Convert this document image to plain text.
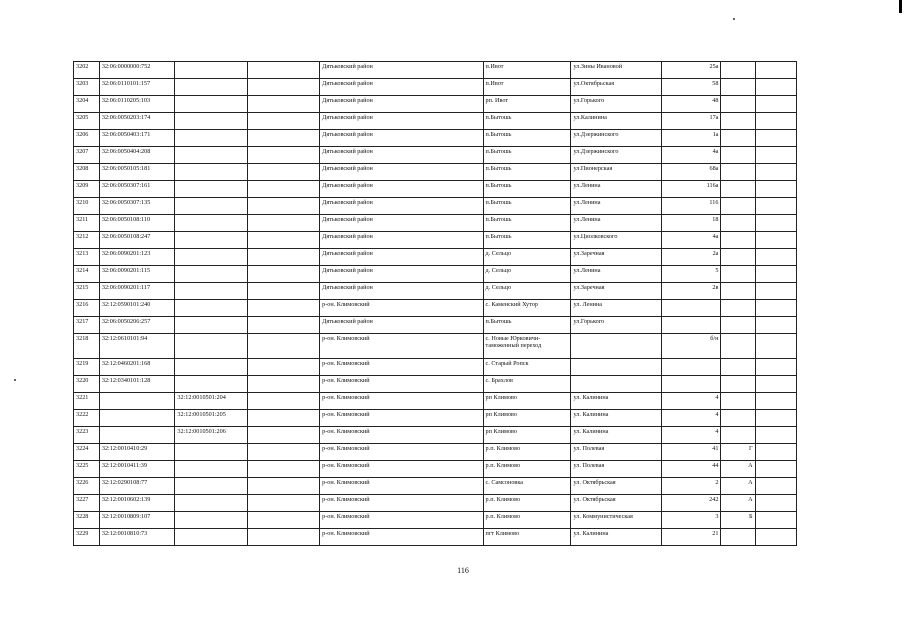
3202	32:06:0000000:752			Дятьковский район	п.Ивот	ул.Зины Ивановой	25а		
3203	32:06:0110101:157			Дятьковский район	п.Ивот	ул.Октябрьская	58		
3204	32:06:0110205:103			Дятьковский район	рп. Ивот	ул.Горького	48		
3205	32:06:0050203:174			Дятьковский район	п.Бытошь	ул.Калинина	17а		
3206	32:06:0050403:171			Дятьковский район	п.Бытошь	ул.Дзержинского	1а		
3207	32:06:0050404:208			Дятьковский район	п.Бытошь	ул.Дзержинского	4а		
3208	32:06:0050105:181			Дятьковский район	п.Бытошь	ул.Пионерская	68а		
3209	32:06:0050307:161			Дятьковский район	п.Бытошь	ул.Ленина	116а		
3210	32:06:0050307:135			Дятьковский район	п.Бытошь	ул.Ленина	116		
3211	32:06:0050108:110			Дятьковский район	п.Бытошь	ул.Ленина	18		
3212	32:06:0050108:247			Дятьковский район	п.Бытошь	ул.Циолковского	4а		
3213	32:06:0090201:123			Дятьковский район	д. Сельцо	ул.Заречная	2а		
3214	32:06:0090201:115			Дятьковский район	д. Сельцо	ул.Ленина	5		
3215	32:06:0090201:117			Дятьковский район	д. Сельцо	ул.Заречная	2в		
3216	32:12:0590101:240			р-он. Климовский	с. Каменский Хутор	ул. Ленина			
3217	32:06:0050206:257			Дятьковский район	п.Бытошь	ул.Горького			
3218	32:12:0610101:94			р-он. Климовский	с. Новые Юрковичи-таможенный переход		б/н		
3219	32:12:0460201:168			р-он. Климовский	с. Старый Ропск				
3220	32:12:0340101:128			р-он. Климовский	с. Брахлов				
3221		32:12:0010501:204		р-он. Климовский	рп Климово	ул. Калинина	4		
3222		32:12:0010501:205		р-он. Климовский	рп Климово	ул. Калинина	4		
3223		32:12:0010501:206		р-он. Климовский	рп Климово	ул. Калинина	4		
3224	32:12:0010410:29			р-он. Климовский	р.п. Климово	ул. Полевая	41	Г	
3225	32:12:0010411:39			р-он. Климовский	р.п. Климово	ул. Полевая	44	А	
3226	32:12:0290108:77			р-он. Климовский	с. Самсоновка	ул. Октябрьская	2	А	
3227	32:12:0010602:139			р-он. Климовский	р.п. Климово	ул. Октябрьская	242	А	
3228	32:12:0010809:107			р-он. Климовский	р.п. Климово	ул. Коммунистическая	3	Б	
3229	32:12:0010810:73			р-он. Климовский	пгт Климово	ул. Калинина	21		
116
